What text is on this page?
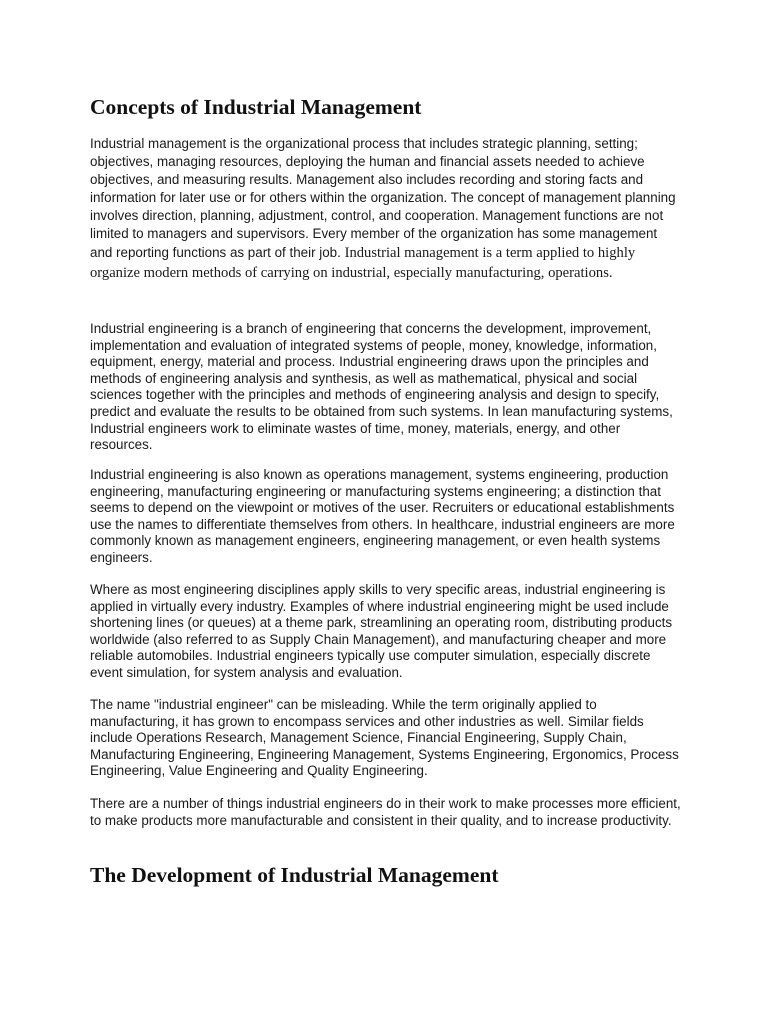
Concepts of Industrial Management

Industrial management is the organizational process that includes strategic planning, setting; objectives, managing resources, deploying the human and financial assets needed to achieve objectives, and measuring results. Management also includes recording and storing facts and information for later use or for others within the organization. The concept of management planning involves direction, planning, adjustment, control, and cooperation. Management functions are not limited to managers and supervisors. Every member of the organization has some management and reporting functions as part of their job. Industrial management is a term applied to highly organize modern methods of carrying on industrial, especially manufacturing, operations.

Industrial engineering is a branch of engineering that concerns the development, improvement, implementation and evaluation of integrated systems of people, money, knowledge, information, equipment, energy, material and process. Industrial engineering draws upon the principles and methods of engineering analysis and synthesis, as well as mathematical, physical and social sciences together with the principles and methods of engineering analysis and design to specify, predict and evaluate the results to be obtained from such systems. In lean manufacturing systems, Industrial engineers work to eliminate wastes of time, money, materials, energy, and other resources.

Industrial engineering is also known as operations management, systems engineering, production engineering, manufacturing engineering or manufacturing systems engineering; a distinction that seems to depend on the viewpoint or motives of the user. Recruiters or educational establishments use the names to differentiate themselves from others. In healthcare, industrial engineers are more commonly known as management engineers, engineering management, or even health systems engineers.

Where as most engineering disciplines apply skills to very specific areas, industrial engineering is applied in virtually every industry. Examples of where industrial engineering might be used include shortening lines (or queues) at a theme park, streamlining an operating room, distributing products worldwide (also referred to as Supply Chain Management), and manufacturing cheaper and more reliable automobiles. Industrial engineers typically use computer simulation, especially discrete event simulation, for system analysis and evaluation.

The name "industrial engineer" can be misleading. While the term originally applied to manufacturing, it has grown to encompass services and other industries as well. Similar fields include Operations Research, Management Science, Financial Engineering, Supply Chain, Manufacturing Engineering, Engineering Management, Systems Engineering, Ergonomics, Process Engineering, Value Engineering and Quality Engineering.

There are a number of things industrial engineers do in their work to make processes more efficient, to make products more manufacturable and consistent in their quality, and to increase productivity.

The Development of Industrial Management
